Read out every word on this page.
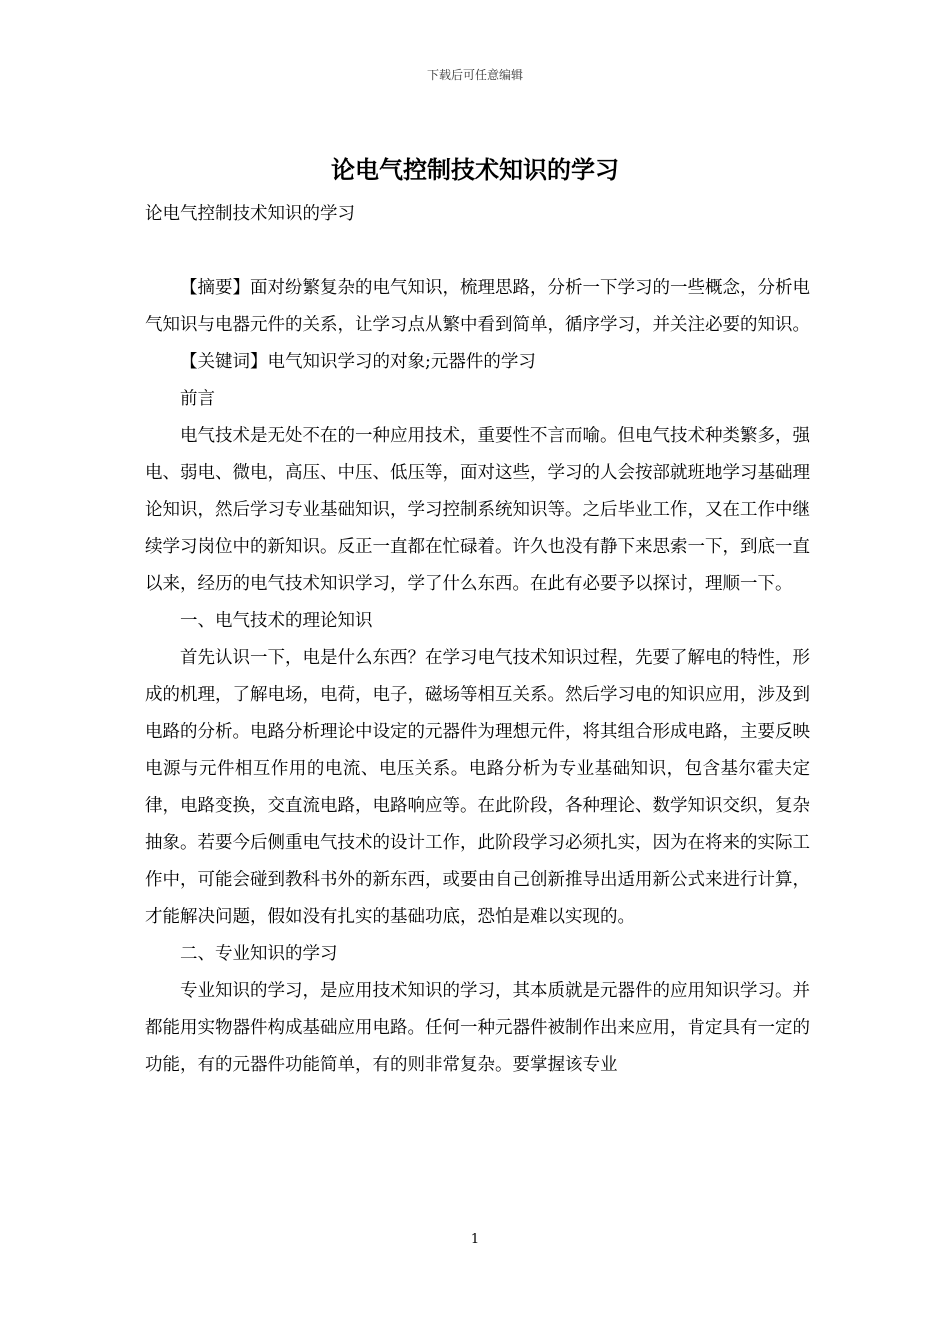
下载后可任意编辑
论电气控制技术知识的学习

论电气控制技术知识的学习

【摘要】面对纷繁复杂的电气知识，梳理思路，分析一下学习的一些概念，分析电气知识与电器元件的关系，让学习点从繁中看到简单，循序学习，并关注必要的知识。

【关键词】电气知识学习的对象;元器件的学习

前言

电气技术是无处不在的一种应用技术，重要性不言而喻。但电气技术种类繁多，强电、弱电、微电，高压、中压、低压等，面对这些，学习的人会按部就班地学习基础理论知识，然后学习专业基础知识，学习控制系统知识等。之后毕业工作，又在工作中继续学习岗位中的新知识。反正一直都在忙碌着。许久也没有静下来思索一下，到底一直以来，经历的电气技术知识学习，学了什么东西。在此有必要予以探讨，理顺一下。

一、电气技术的理论知识

首先认识一下，电是什么东西？在学习电气技术知识过程，先要了解电的特性，形成的机理，了解电场，电荷，电子，磁场等相互关系。然后学习电的知识应用，涉及到电路的分析。电路分析理论中设定的元器件为理想元件，将其组合形成电路，主要反映电源与元件相互作用的电流、电压关系。电路分析为专业基础知识，包含基尔霍夫定律，电路变换，交直流电路，电路响应等。在此阶段，各种理论、数学知识交织，复杂抽象。若要今后侧重电气技术的设计工作，此阶段学习必须扎实，因为在将来的实际工作中，可能会碰到教科书外的新东西，或要由自己创新推导出适用新公式来进行计算，才能解决问题，假如没有扎实的基础功底，恐怕是难以实现的。

二、专业知识的学习

专业知识的学习，是应用技术知识的学习，其本质就是元器件的应用知识学习。并都能用实物器件构成基础应用电路。任何一种元器件被制作出来应用，肯定具有一定的功能，有的元器件功能简单，有的则非常复杂。要掌握该专业

1
